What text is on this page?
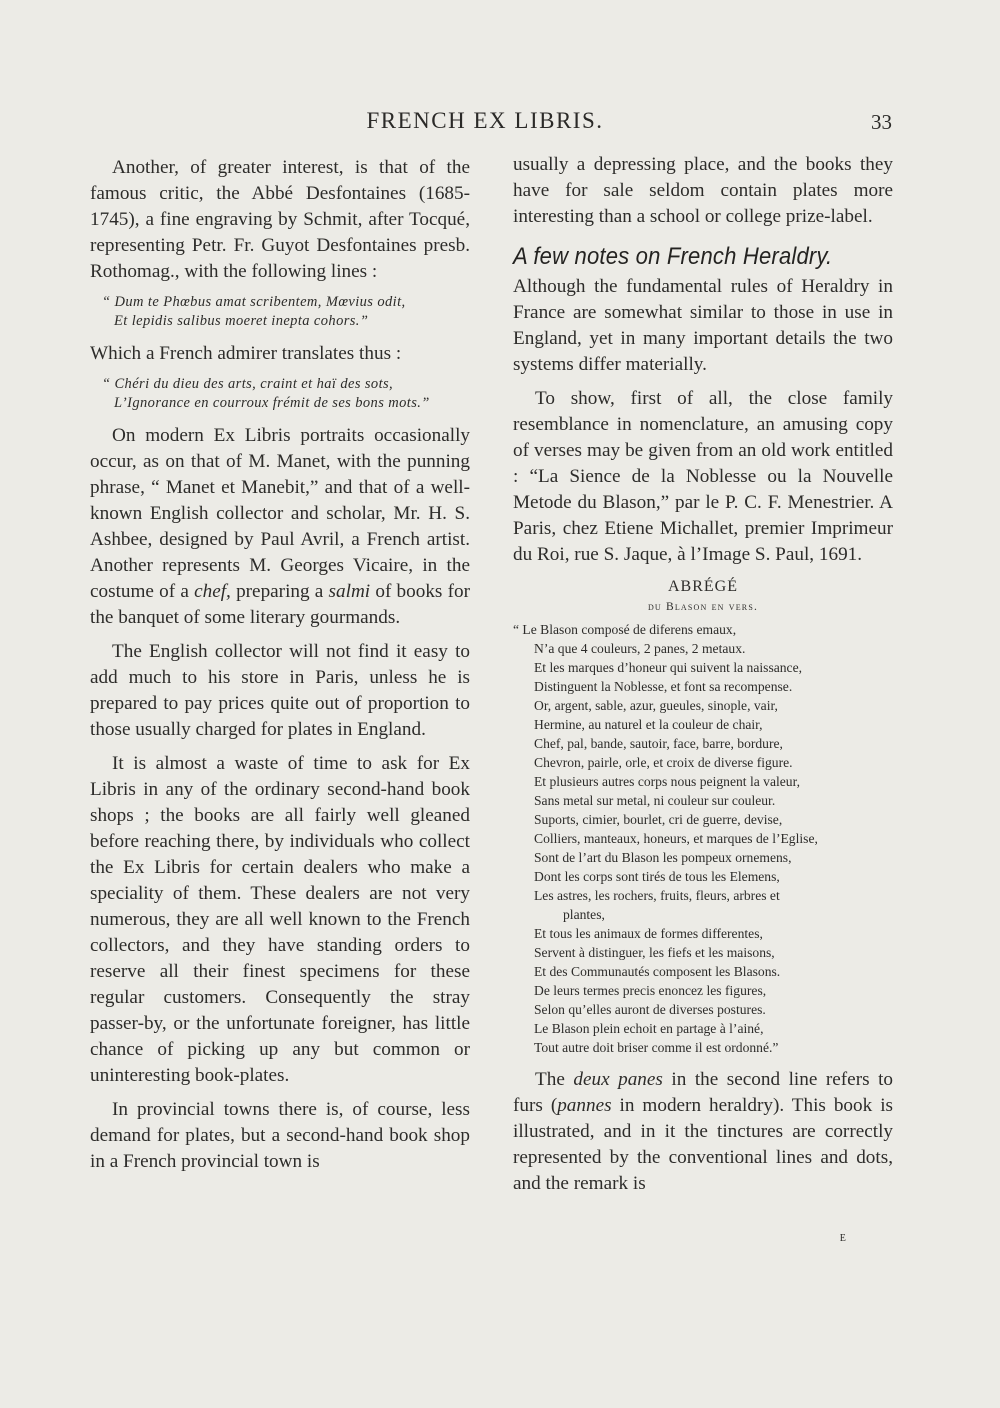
FRENCH EX LIBRIS.	33

Another, of greater interest, is that of the famous critic, the Abbé Desfontaines (1685-1745), a fine engraving by Schmit, after Tocqué, representing Petr. Fr. Guyot Desfontaines presb. Rothomag., with the following lines :

“ Dum te Phœbus amat scribentem, Mœvius odit,
Et lepidis salibus moeret inepta cohors.”

Which a French admirer translates thus :

“ Chéri du dieu des arts, craint et haï des sots,
L’Ignorance en courroux frémit de ses bons mots.”

On modern Ex Libris portraits occasionally occur, as on that of M. Manet, with the punning phrase, “ Manet et Manebit,” and that of a well-known English collector and scholar, Mr. H. S. Ashbee, designed by Paul Avril, a French artist. Another represents M. Georges Vicaire, in the costume of a chef, preparing a salmi of books for the banquet of some literary gourmands.

The English collector will not find it easy to add much to his store in Paris, unless he is prepared to pay prices quite out of proportion to those usually charged for plates in England.

It is almost a waste of time to ask for Ex Libris in any of the ordinary second-hand book shops ; the books are all fairly well gleaned before reaching there, by individuals who collect the Ex Libris for certain dealers who make a speciality of them. These dealers are not very numerous, they are all well known to the French collectors, and they have standing orders to reserve all their finest specimens for these regular customers. Consequently the stray passer-by, or the unfortunate foreigner, has little chance of picking up any but common or uninteresting book-plates.

In provincial towns there is, of course, less demand for plates, but a second-hand book shop in a French provincial town is

usually a depressing place, and the books they have for sale seldom contain plates more interesting than a school or college prize-label.

A few notes on French Heraldry.

Although the fundamental rules of Heraldry in France are somewhat similar to those in use in England, yet in many important details the two systems differ materially.

To show, first of all, the close family resemblance in nomenclature, an amusing copy of verses may be given from an old work entitled : “La Sience de la Noblesse ou la Nouvelle Metode du Blason,” par le P. C. F. Menestrier. A Paris, chez Etiene Michallet, premier Imprimeur du Roi, rue S. Jaque, à l’Image S. Paul, 1691.

ABRÉGÉ
du Blason en vers.
“ Le Blason composé de diferens emaux,
N’a que 4 couleurs, 2 panes, 2 metaux.
Et les marques d’honeur qui suivent la naissance,
Distinguent la Noblesse, et font sa recompense.
Or, argent, sable, azur, gueules, sinople, vair,
Hermine, au naturel et la couleur de chair,
Chef, pal, bande, sautoir, face, barre, bordure,
Chevron, pairle, orle, et croix de diverse figure.
Et plusieurs autres corps nous peignent la valeur,
Sans metal sur metal, ni couleur sur couleur.
Suports, cimier, bourlet, cri de guerre, devise,
Colliers, manteaux, honeurs, et marques de l’Eglise,
Sont de l’art du Blason les pompeux ornemens,
Dont les corps sont tirés de tous les Elemens,
Les astres, les rochers, fruits, fleurs, arbres et
plantes,
Et tous les animaux de formes differentes,
Servent à distinguer, les fiefs et les maisons,
Et des Communautés composent les Blasons.
De leurs termes precis enoncez les figures,
Selon qu’elles auront de diverses postures.
Le Blason plein echoit en partage à l’ainé,
Tout autre doit briser comme il est ordonné.”

The deux panes in the second line refers to furs (pannes in modern heraldry). This book is illustrated, and in it the tinctures are correctly represented by the conventional lines and dots, and the remark is

E
